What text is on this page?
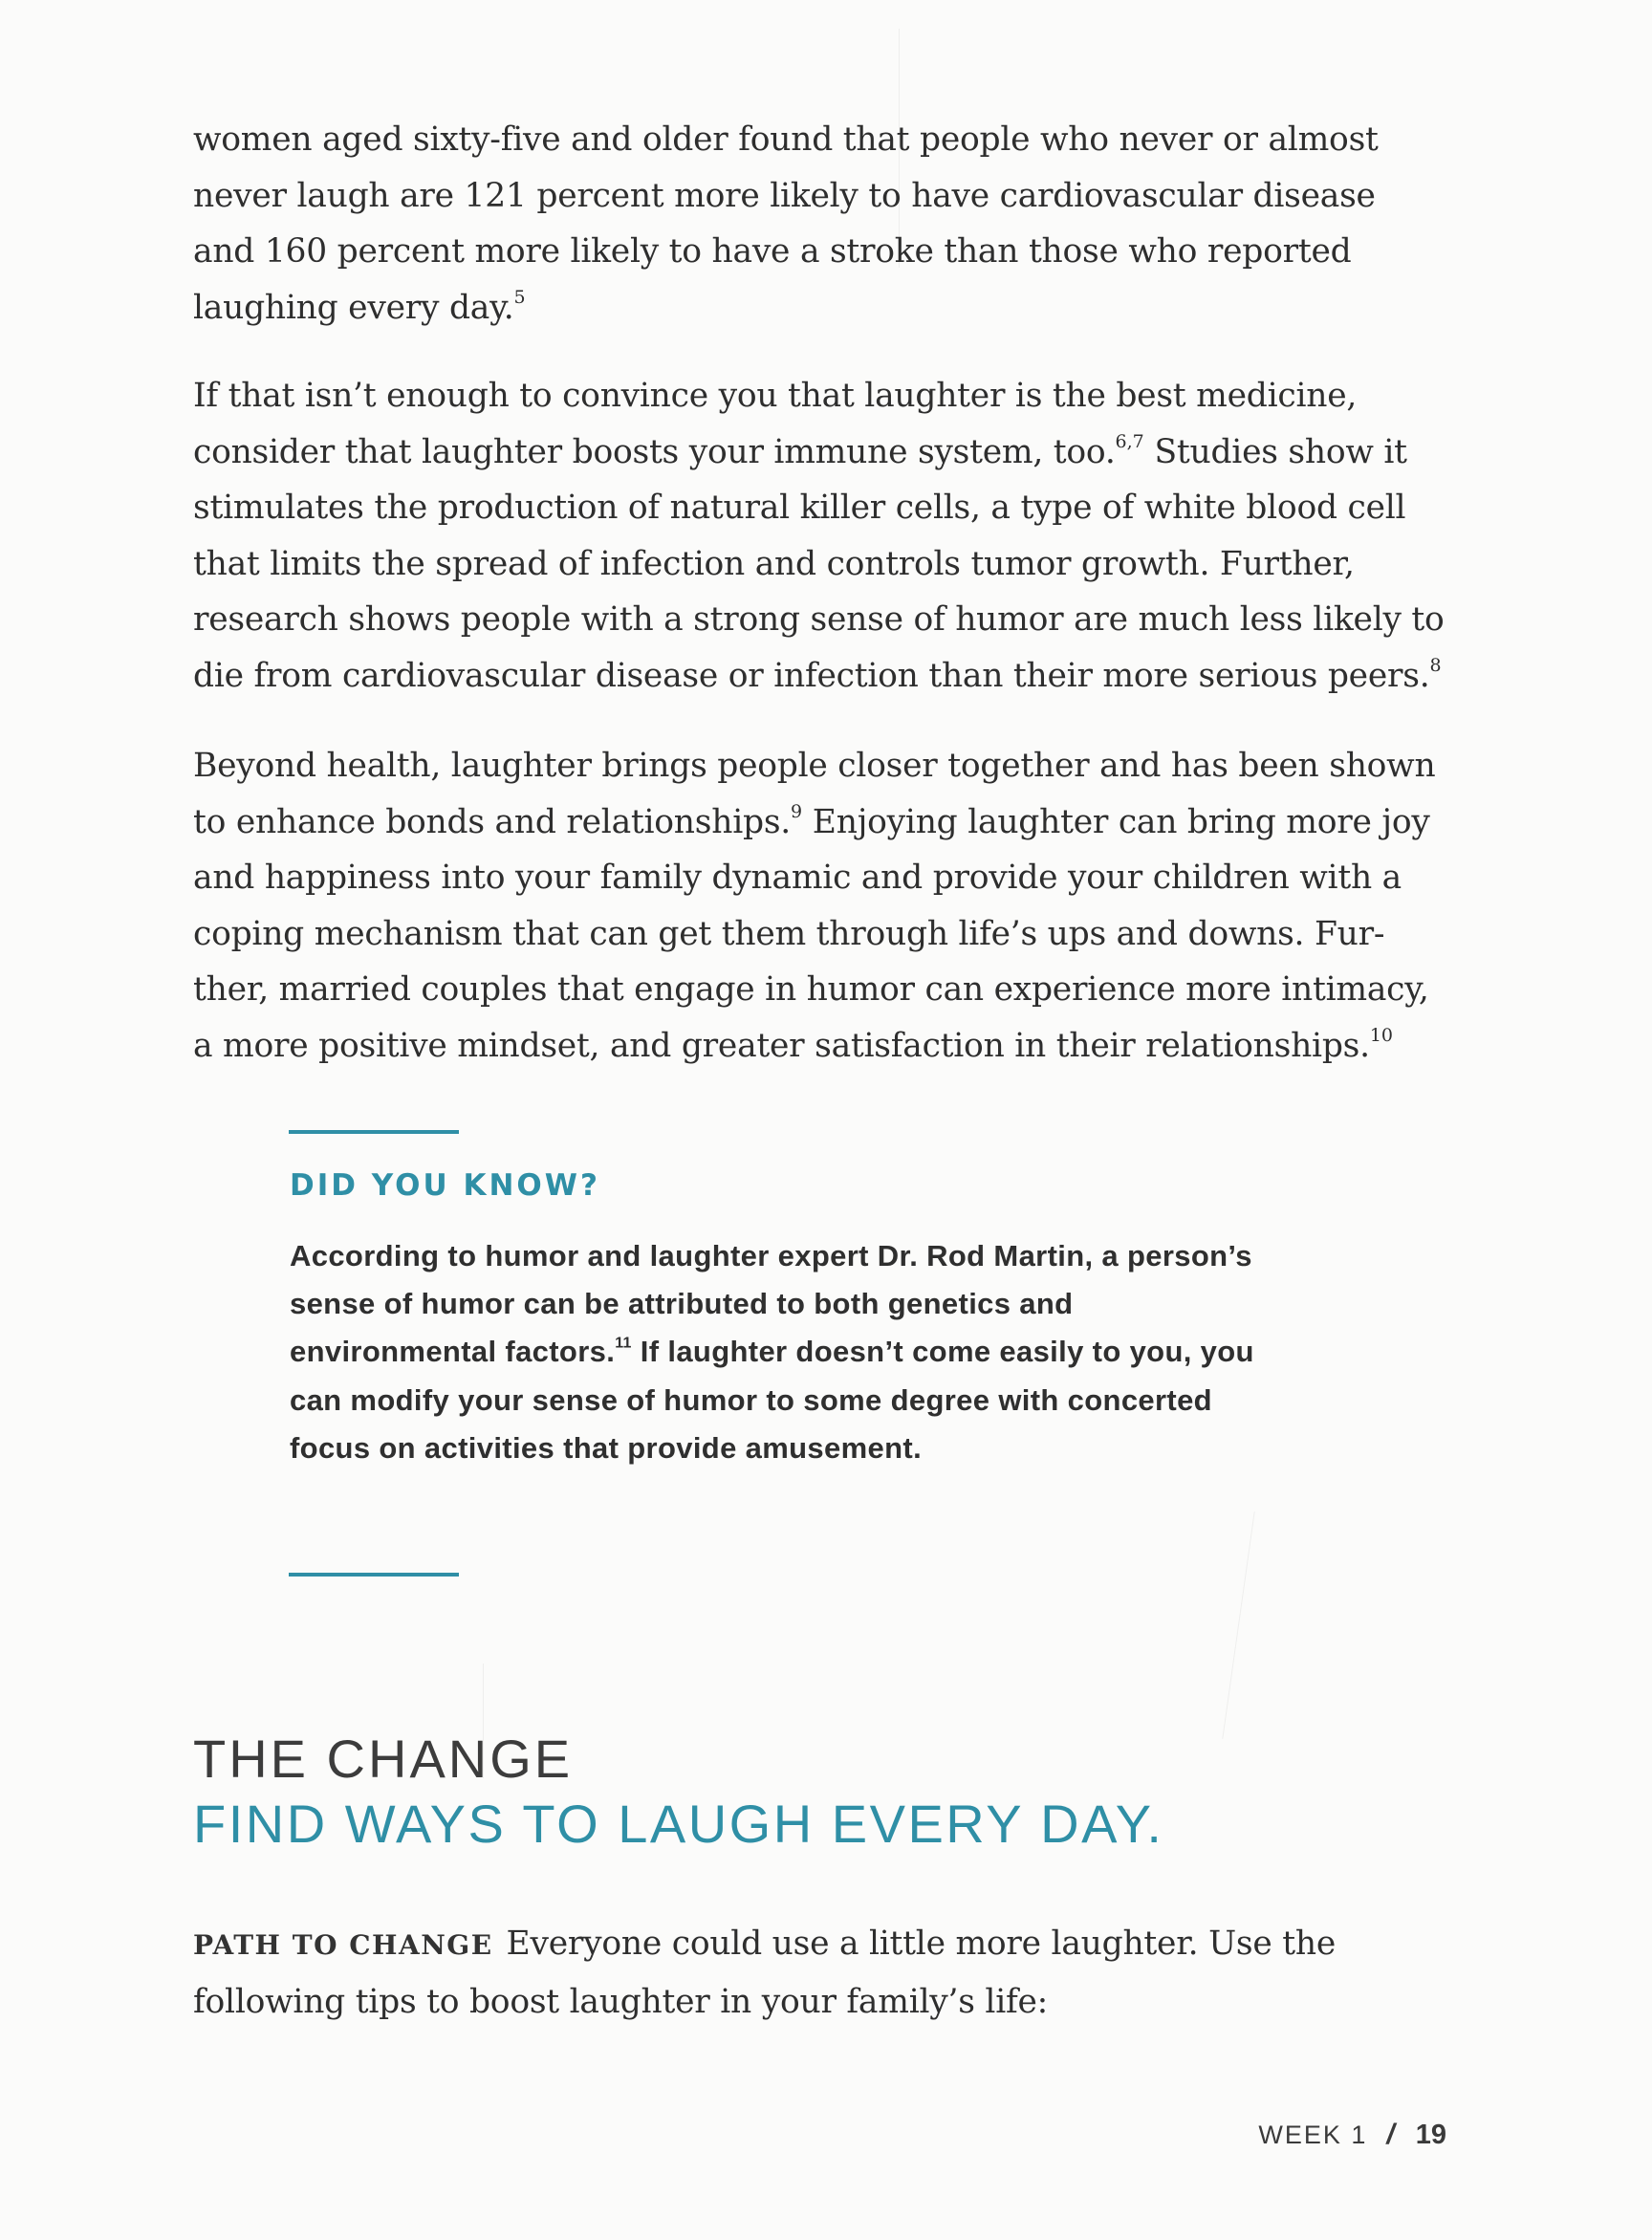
women aged sixty-five and older found that people who never or almost never laugh are 121 percent more likely to have cardiovascular disease and 160 percent more likely to have a stroke than those who reported laughing every day.$^5$

If that isn’t enough to convince you that laughter is the best medicine, consider that laughter boosts your immune system, too.$^{6,7}$ Studies show it stimulates the production of natural killer cells, a type of white blood cell that limits the spread of infection and controls tumor growth. Further, research shows people with a strong sense of humor are much less likely to die from cardiovascular disease or infection than their more serious peers.$^8$

Beyond health, laughter brings people closer together and has been shown to enhance bonds and relationships.$^9$ Enjoying laughter can bring more joy and happiness into your family dynamic and provide your children with a coping mechanism that can get them through life’s ups and downs. Further, married couples that engage in humor can experience more intimacy, a more positive mindset, and greater satisfaction in their relationships.$^{10}$

DID YOU KNOW?

According to humor and laughter expert Dr. Rod Martin, a person’s sense of humor can be attributed to both genetics and environmental factors.$^{11}$ If laughter doesn’t come easily to you, you can modify your sense of humor to some degree with concerted focus on activities that provide amusement.

THE CHANGE
FIND WAYS TO LAUGH EVERY DAY.

PATH TO CHANGE Everyone could use a little more laughter. Use the following tips to boost laughter in your family’s life:

WEEK 1 / 19
